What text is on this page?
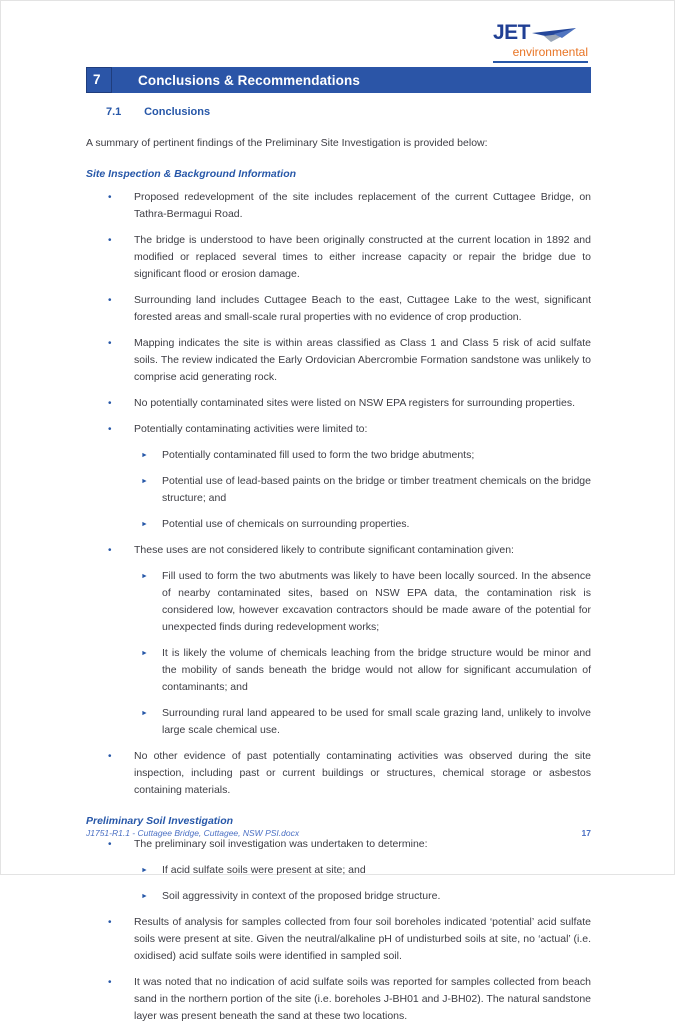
JET
environmental
7	Conclusions & Recommendations
7.1 Conclusions

A summary of pertinent findings of the Preliminary Site Investigation is provided below:

Site Inspection & Background Information

•	Proposed redevelopment of the site includes replacement of the current Cuttagee Bridge, on Tathra-Bermagui Road.
•	The bridge is understood to have been originally constructed at the current location in 1892 and modified or replaced several times to either increase capacity or repair the bridge due to significant flood or erosion damage.
•	Surrounding land includes Cuttagee Beach to the east, Cuttagee Lake to the west, significant forested areas and small-scale rural properties with no evidence of crop production.
•	Mapping indicates the site is within areas classified as Class 1 and Class 5 risk of acid sulfate soils. The review indicated the Early Ordovician Abercrombie Formation sandstone was unlikely to comprise acid generating rock.
•	No potentially contaminated sites were listed on NSW EPA registers for surrounding properties.
•	Potentially contaminating activities were limited to:
►	Potentially contaminated fill used to form the two bridge abutments;
►	Potential use of lead-based paints on the bridge or timber treatment chemicals on the bridge structure; and
►	Potential use of chemicals on surrounding properties.
•	These uses are not considered likely to contribute significant contamination given:
►	Fill used to form the two abutments was likely to have been locally sourced. In the absence of nearby contaminated sites, based on NSW EPA data, the contamination risk is considered low, however excavation contractors should be made aware of the potential for unexpected finds during redevelopment works;
►	It is likely the volume of chemicals leaching from the bridge structure would be minor and the mobility of sands beneath the bridge would not allow for significant accumulation of contaminants; and
►	Surrounding rural land appeared to be used for small scale grazing land, unlikely to involve large scale chemical use.
•	No other evidence of past potentially contaminating activities was observed during the site inspection, including past or current buildings or structures, chemical storage or asbestos containing materials.

Preliminary Soil Investigation

•	The preliminary soil investigation was undertaken to determine:
►	If acid sulfate soils were present at site; and
►	Soil aggressivity in context of the proposed bridge structure.
•	Results of analysis for samples collected from four soil boreholes indicated ‘potential’ acid sulfate soils were present at site. Given the neutral/alkaline pH of undisturbed soils at site, no ‘actual’ (i.e. oxidised) acid sulfate soils were identified in sampled soil.
•	It was noted that no indication of acid sulfate soils was reported for samples collected from beach sand in the northern portion of the site (i.e. boreholes J-BH01 and J-BH02). The natural sandstone layer was present beneath the sand at these two locations.
J1751-R1.1 - Cuttagee Bridge, Cuttagee, NSW PSI.docx	17
